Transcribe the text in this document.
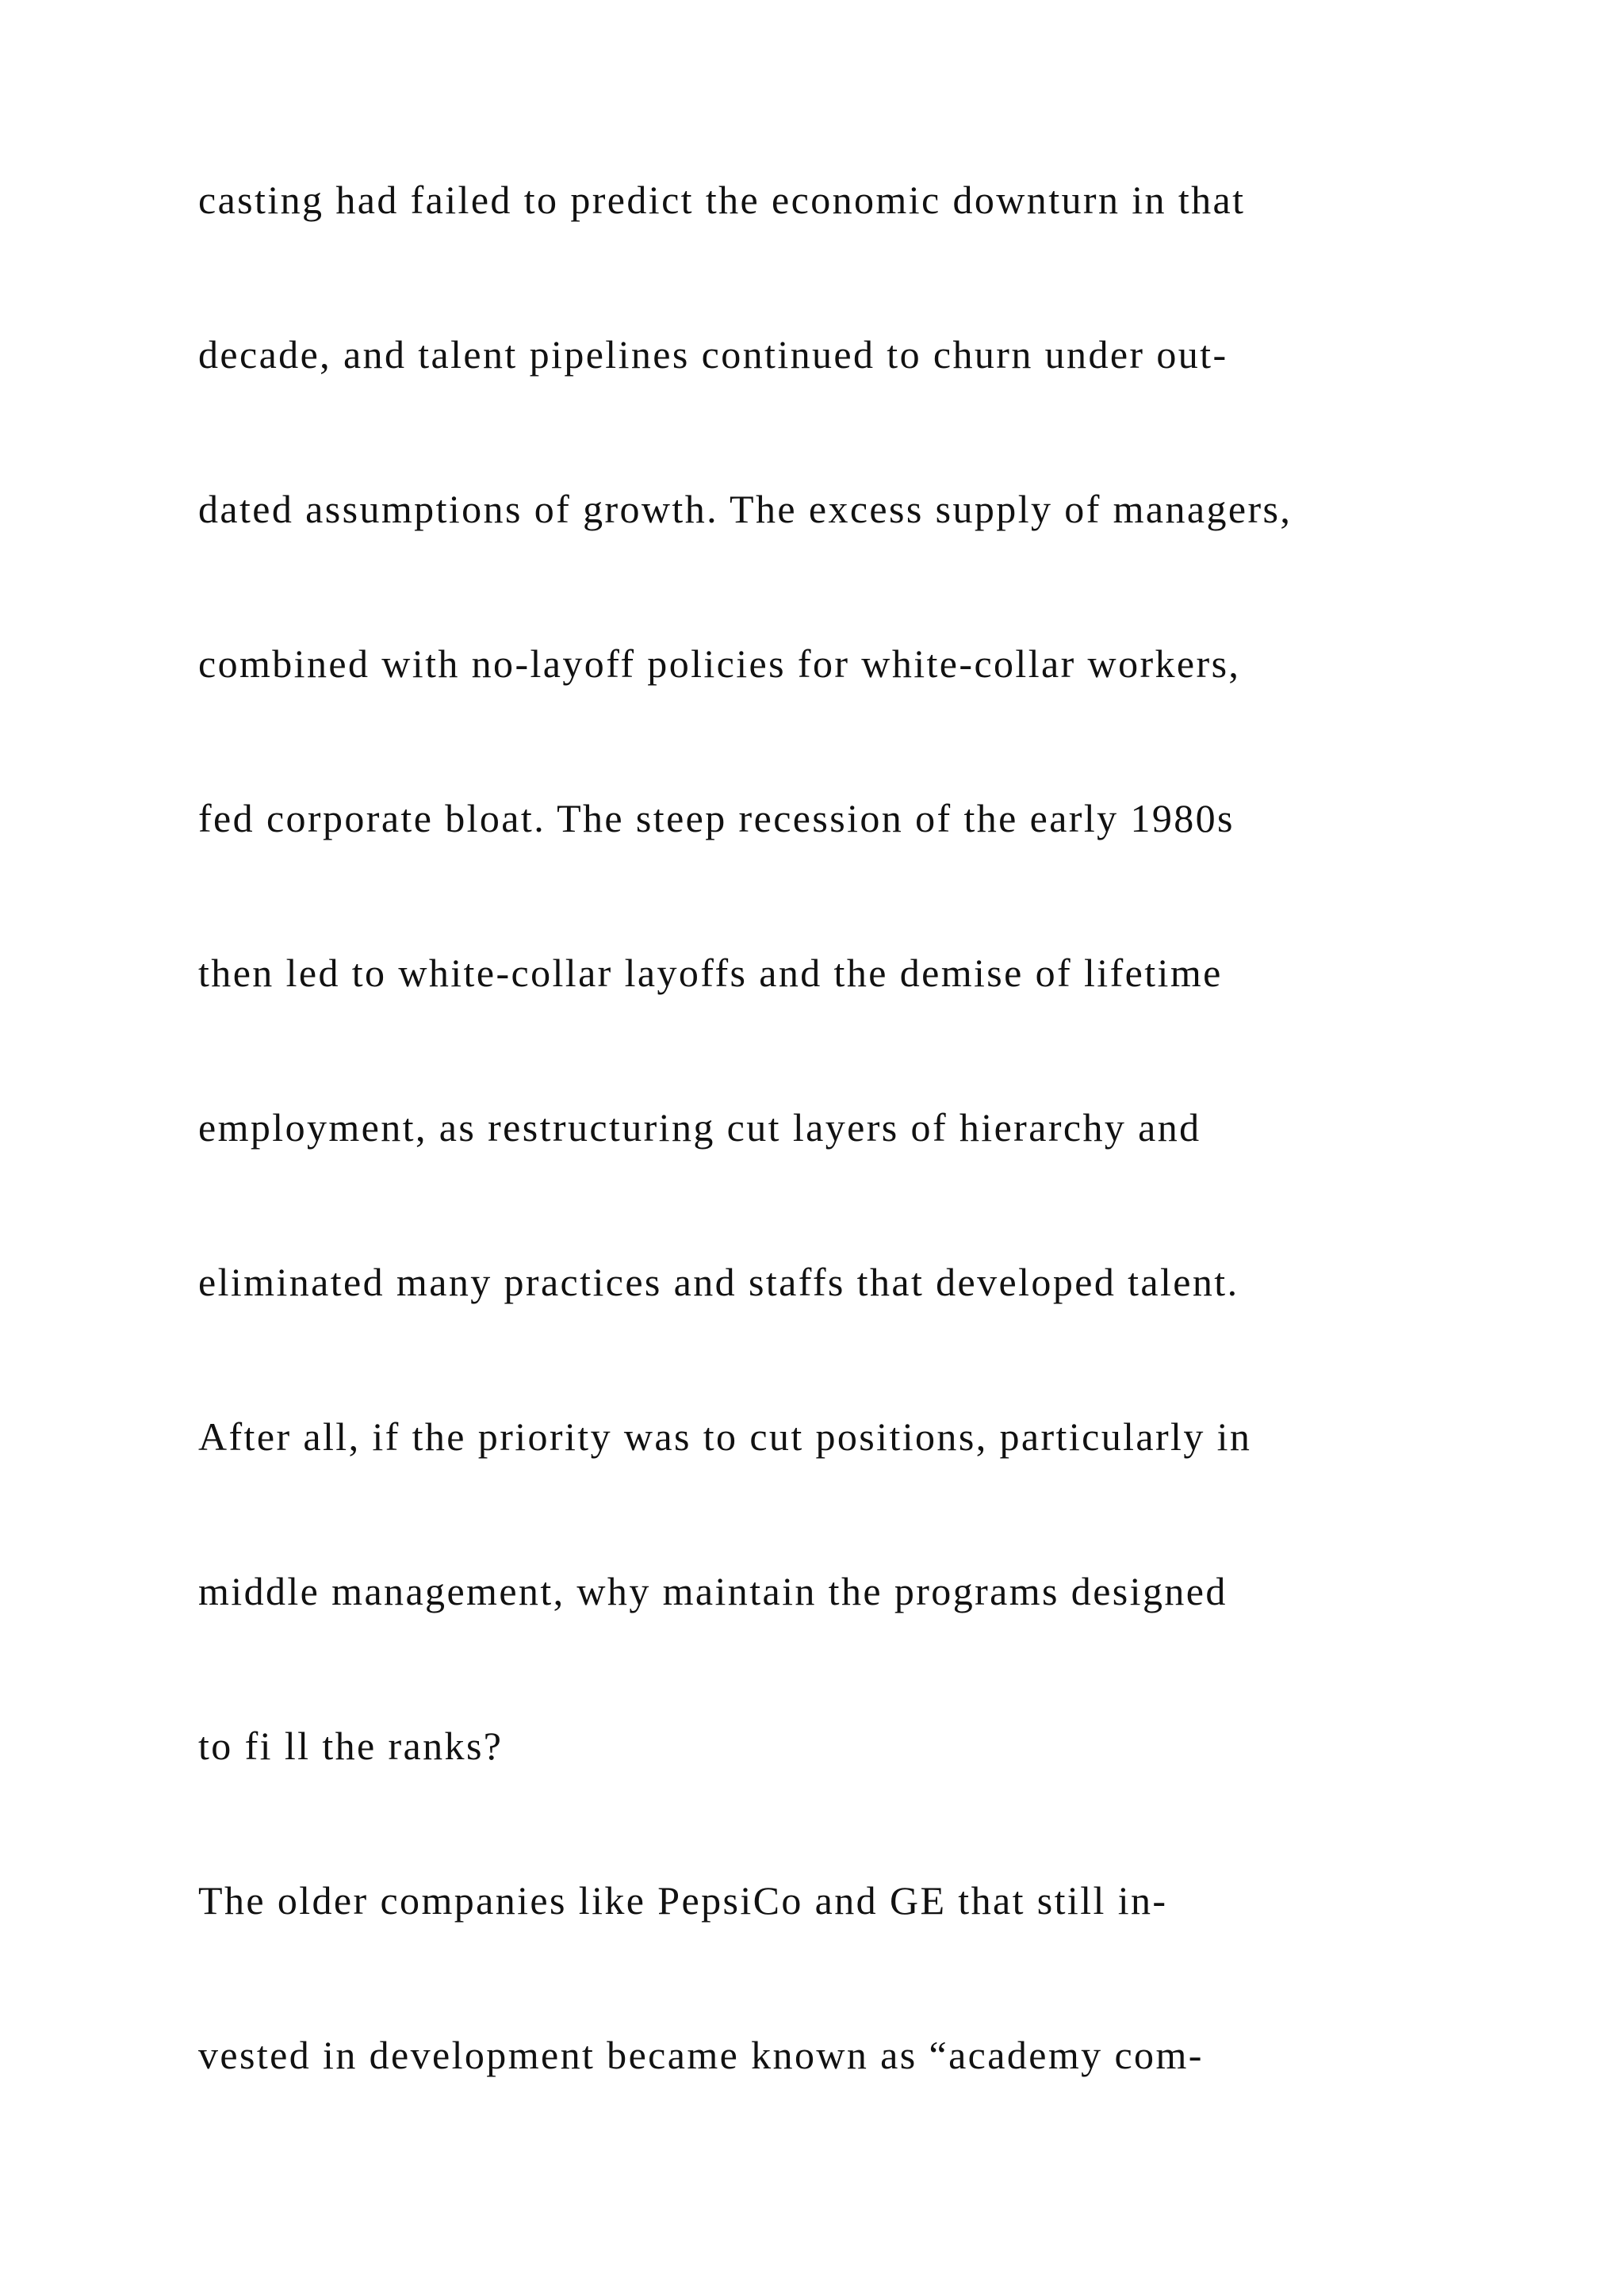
casting had failed to predict the economic downturn in that
decade, and talent pipelines continued to churn under out-
dated assumptions of growth. The excess supply of managers,
combined with no-layoff policies for white-collar workers,
fed corporate bloat. The steep recession of the early 1980s
then led to white-collar layoffs and the demise of lifetime
employment, as restructuring cut layers of hierarchy and
eliminated many practices and staffs that developed talent.
After all, if the priority was to cut positions, particularly in
middle management, why maintain the programs designed
to fi ll the ranks?
The older companies like PepsiCo and GE that still in-
vested in development became known as “academy com-
